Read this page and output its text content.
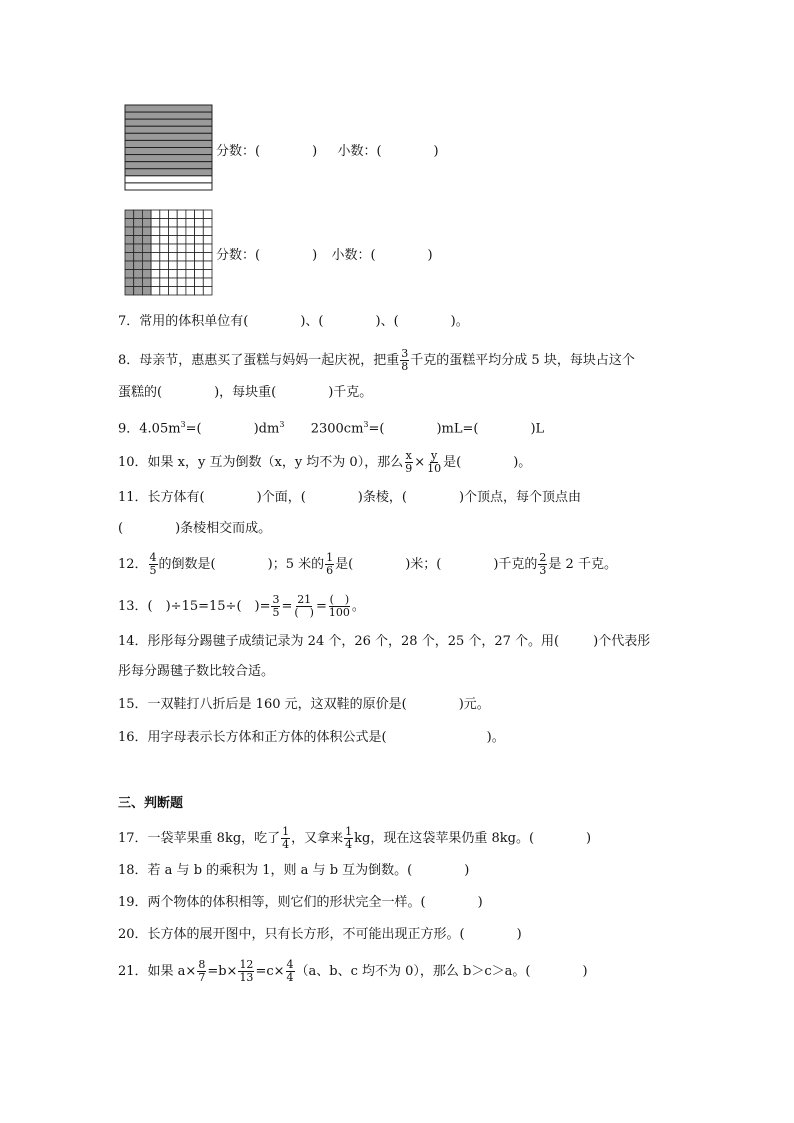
分数：(	) 小数：(	)
分数：(	) 小数：(	)
7．常用的体积单位有(	)、(	)、(	)。
8．母亲节，惠惠买了蛋糕与妈妈一起庆祝，把重 $\frac{3}{8}$ 千克的蛋糕平均分成 5 块，每块占这个
蛋糕的(	)，每块重(	)千克。
9．$4.05m^3=$(	)$dm^3$ $2300cm^3=$(	)mL=(	)L
10．如果 x，y 互为倒数（x，y 均不为 0），那么 $\frac{x}{9} \times \frac{y}{10}$ 是(	)。
11．长方体有(	)个面，(	)条棱，(	)个顶点，每个顶点由
(	)条棱相交而成。
12． $\frac{4}{5}$ 的倒数是(	)；5 米的 $\frac{1}{6}$ 是(	)米；(	)千克的 $\frac{2}{3}$ 是 2 千克。
13．(　)÷15=15÷(　)= $\frac{3}{5} = \frac{21}{( )} = \frac{( )}{100}$ 。
14．彤彤每分踢毽子成绩记录为 24 个，26 个，28 个，25 个，27 个。用(	)个代表彤
彤每分踢毽子数比较合适。
15．一双鞋打八折后是 160 元，这双鞋的原价是(	)元。
16．用字母表示长方体和正方体的体积公式是(	)。
三、判断题
17．一袋苹果重 8kg，吃了 $\frac{1}{4}$ ，又拿来 $\frac{1}{4}$ kg，现在这袋苹果仍重 8kg。(	)
18．若 a 与 b 的乘积为 1，则 a 与 b 互为倒数。(	)
19．两个物体的体积相等，则它们的形状完全一样。(	)
20．长方体的展开图中，只有长方形，不可能出现正方形。(	)
21．如果 $a\times \frac{8}{7} =b\times \frac{12}{13} =c\times \frac{4}{4} (a$、b、c 均不为 0），那么 b＞c＞a。(	)
